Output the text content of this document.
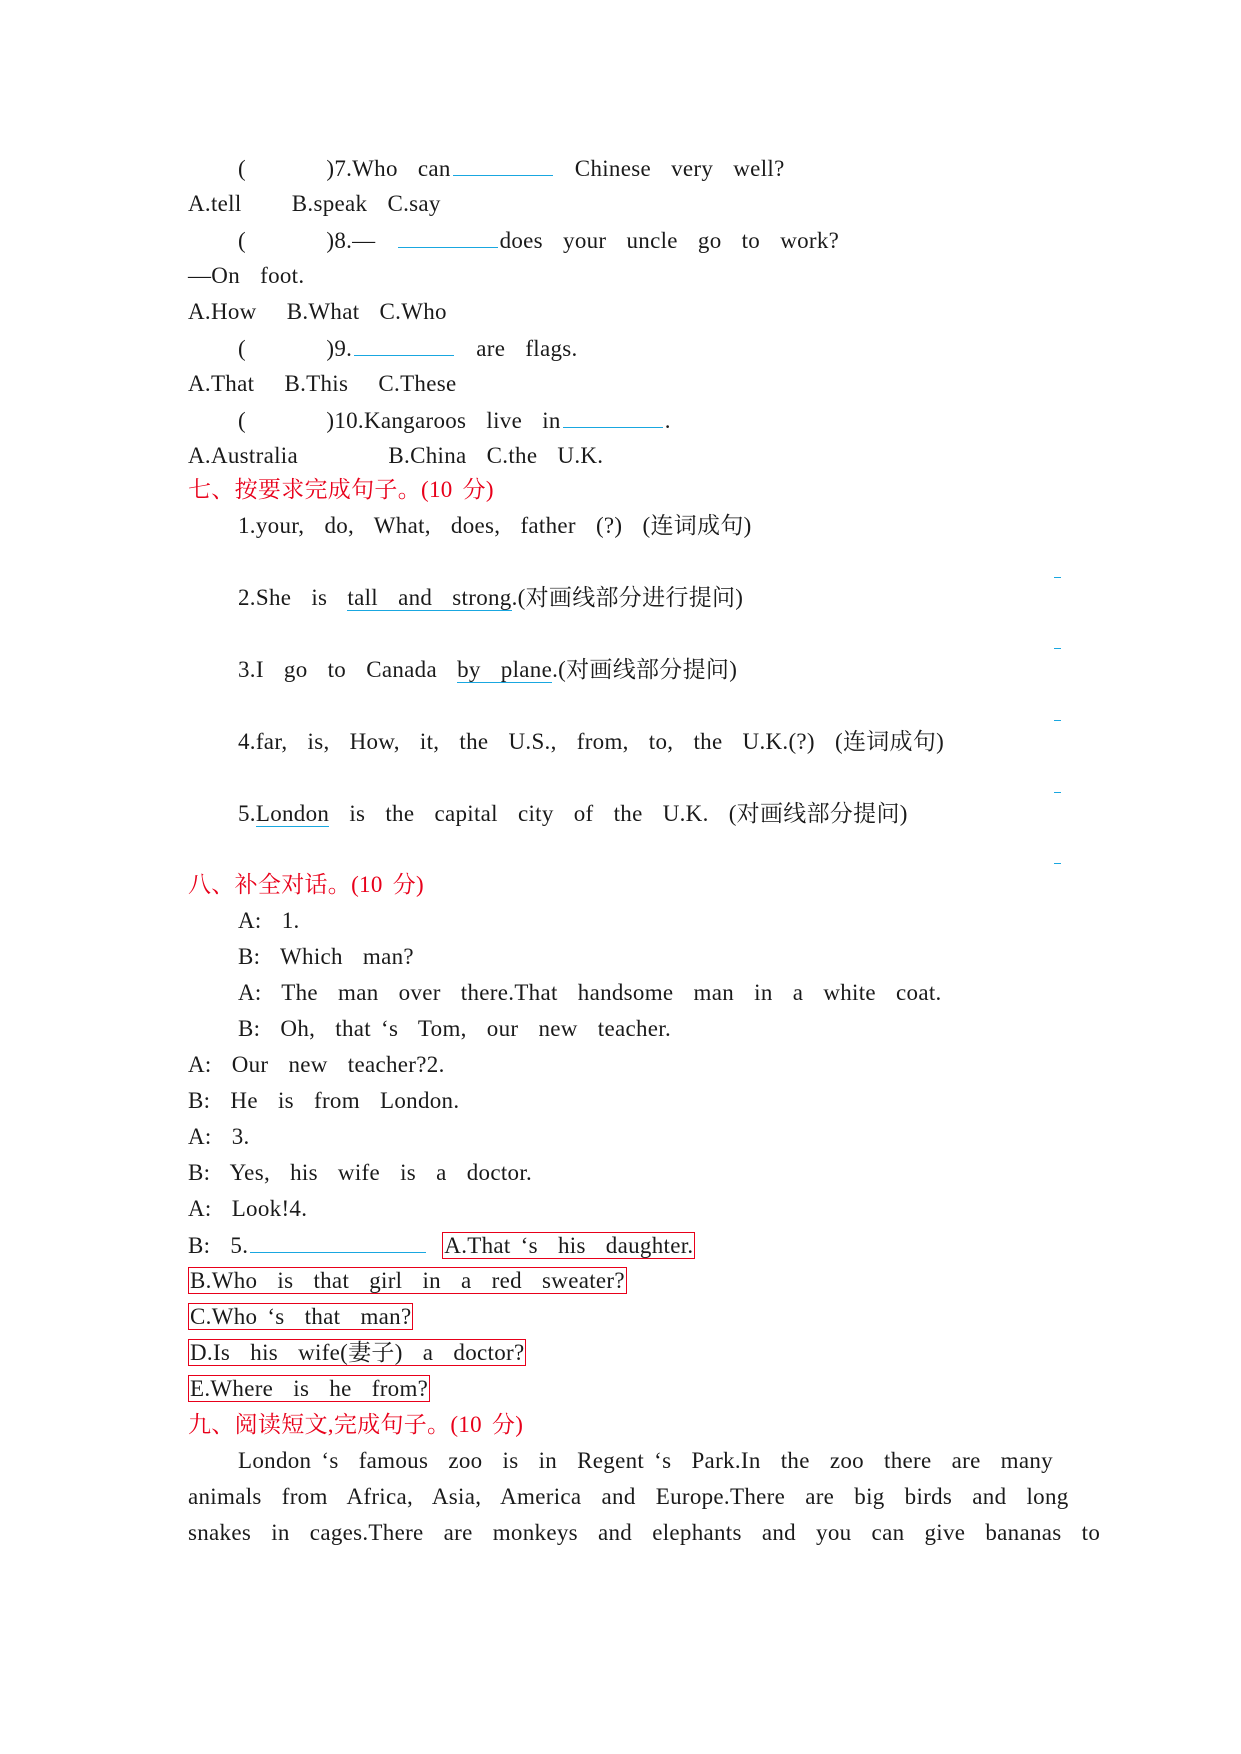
(        )7.Who  can	Chinese  very  well?
A.tell     B.speak  C.say
(        )8.—	does  your  uncle  go  to  work?
—On  foot.
A.How   B.What  C.Who
(        )9.	are  flags.
A.That   B.This   C.These
(        )10.Kangaroos  live  in	.
A.Australia         B.China  C.the  U.K.
七、按要求完成句子。(10 分)
1.your,  do,  What,  does,  father  (?)  (连词成句)
2.She  is  tall  and  strong.(对画线部分进行提问)
3.I  go  to  Canada  by  plane.(对画线部分提问)
4.far,  is,  How,  it,  the  U.S.,  from,  to,  the  U.K.(?)  (连词成句)
5.London  is  the  capital  city  of  the  U.K.  (对画线部分提问)
八、补全对话。(10 分)
A:  1.
B:  Which  man?
A:  The  man  over  there.That  handsome  man  in  a  white  coat.
B:  Oh,  that ‘s  Tom,  our  new  teacher.
A:  Our  new  teacher?2.
B:  He  is  from  London.
A:  3.
B:  Yes,  his  wife  is  a  doctor.
A:  Look!4.
B:  5.	A.That ‘s  his  daughter.
B.Who  is  that  girl  in  a  red  sweater?
C.Who ‘s  that  man?
D.Is  his  wife(妻子)  a  doctor?
E.Where  is  he  from?
九、阅读短文,完成句子。(10 分)
London ‘s  famous  zoo  is  in  Regent ‘s  Park.In  the  zoo  there  are  many
animals  from  Africa,  Asia,  America  and  Europe.There  are  big  birds  and  long
snakes  in  cages.There  are  monkeys  and  elephants  and  you  can  give  bananas  to
